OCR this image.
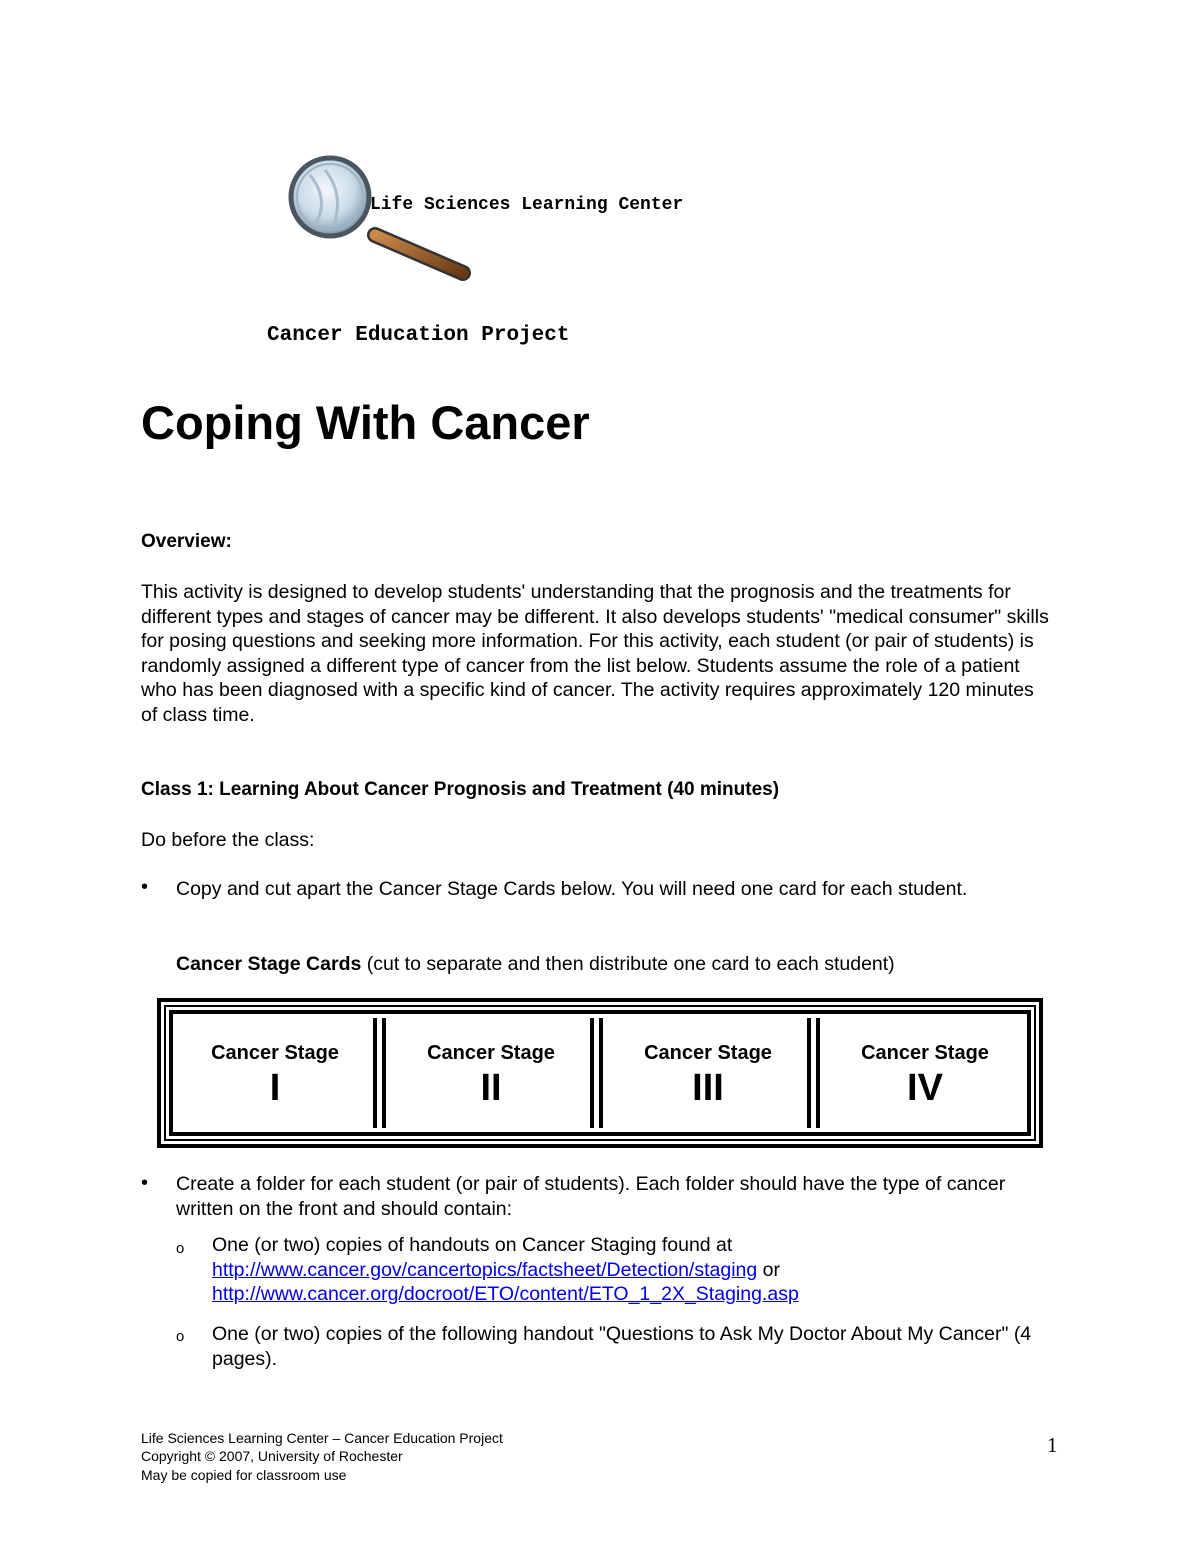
Life Sciences Learning Center
Cancer Education Project
Coping With Cancer
Overview:
This activity is designed to develop students' understanding that the prognosis and the treatments for different types and stages of cancer may be different. It also develops students' "medical consumer" skills for posing questions and seeking more information. For this activity, each student (or pair of students) is randomly assigned a different type of cancer from the list below. Students assume the role of a patient who has been diagnosed with a specific kind of cancer. The activity requires approximately 120 minutes of class time.
Class 1: Learning About Cancer Prognosis and Treatment (40 minutes)
Do before the class:
• Copy and cut apart the Cancer Stage Cards below. You will need one card for each student.
Cancer Stage Cards (cut to separate and then distribute one card to each student)
Cancer Stage
I
Cancer Stage
II
Cancer Stage
III
Cancer Stage
IV
• Create a folder for each student (or pair of students). Each folder should have the type of cancer written on the front and should contain:
o One (or two) copies of handouts on Cancer Staging found at
http://www.cancer.gov/cancertopics/factsheet/Detection/staging or
http://www.cancer.org/docroot/ETO/content/ETO_1_2X_Staging.asp
o One (or two) copies of the following handout "Questions to Ask My Doctor About My Cancer" (4 pages).
Life Sciences Learning Center – Cancer Education Project
Copyright © 2007, University of Rochester
May be copied for classroom use
1
